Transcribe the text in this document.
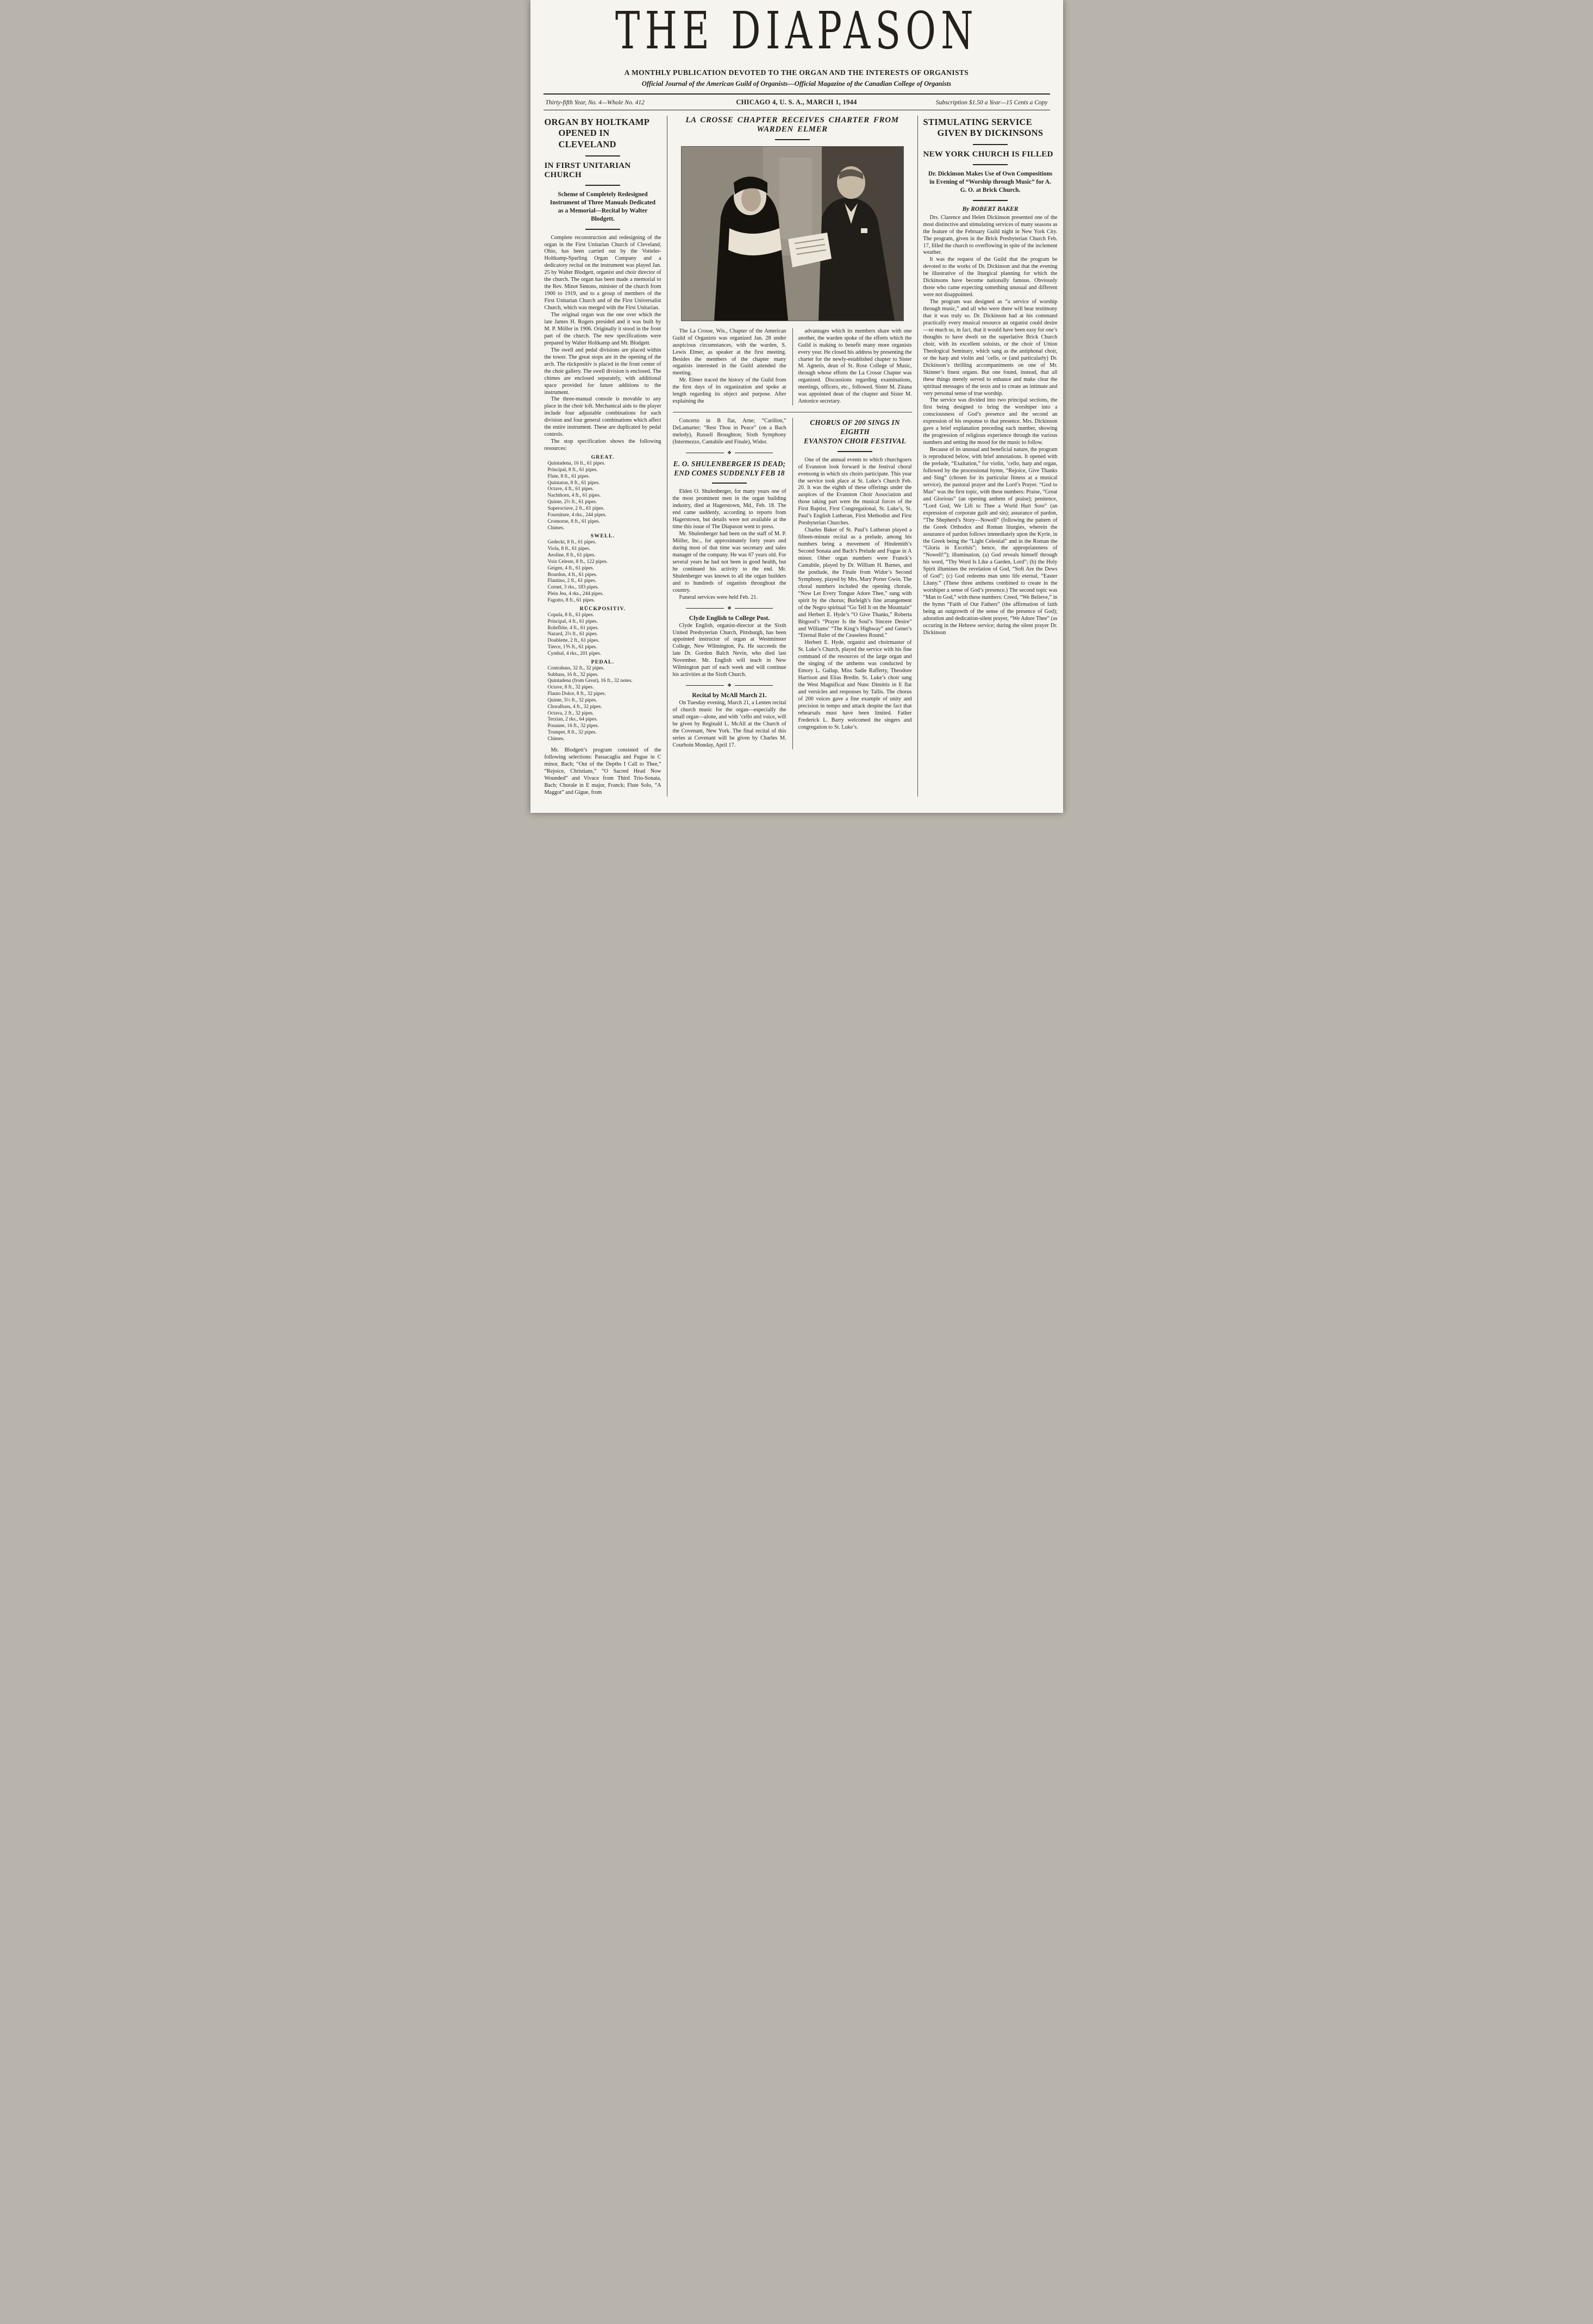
THE DIAPASON
A MONTHLY PUBLICATION DEVOTED TO THE ORGAN AND THE INTERESTS OF ORGANISTS
Official Journal of the American Guild of Organists—Official Magazine of the Canadian College of Organists
Thirty-fifth Year, No. 4—Whole No. 412	CHICAGO 4, U. S. A., MARCH 1, 1944	Subscription $1.50 a Year—15 Cents a Copy
ORGAN BY HOLTKAMP
OPENED IN CLEVELAND
IN FIRST UNITARIAN CHURCH
Scheme of Completely Redesigned Instrument of Three Manuals Dedicated as a Memorial—Recital by Walter Blodgett.

Complete reconstruction and redesigning of the organ in the First Unitarian Church of Cleveland, Ohio, has been carried out by the Votteler-Holtkamp-Sparling Organ Company and a dedicatory recital on the instrument was played Jan. 25 by Walter Blodgett, organist and choir director of the church. The organ has been made a memorial to the Rev. Minot Simons, minister of the church from 1900 to 1919, and to a group of members of the First Unitarian Church and of the First Universalist Church, which was merged with the First Unitarian.

The original organ was the one over which the late James H. Rogers presided and it was built by M. P. Möller in 1906. Originally it stood in the front part of the church. The new specifications were prepared by Walter Holtkamp and Mr. Blodgett.

The swell and pedal divisions are placed within the tower. The great stops are in the opening of the arch. The rückpositiv is placed in the front center of the choir gallery. The swell division is enclosed. The chimes are enclosed separately, with additional space provided for future additions to the instrument.

The three-manual console is movable to any place in the choir loft. Mechanical aids to the player include four adjustable combinations for each division and four general combinations which affect the entire instrument. These are duplicated by pedal controls.

The stop specification shows the following resources:

GREAT.
Quintadena, 16 ft., 61 pipes.
Principal, 8 ft., 61 pipes.
Flute, 8 ft., 61 pipes.
Quintaton, 8 ft., 61 pipes.
Octave, 4 ft., 61 pipes.
Nachthorn, 4 ft., 61 pipes.
Quinte, 2⅔ ft., 61 pipes.
Superoctave, 2 ft., 61 pipes.
Fourniture, 4 rks., 244 pipes.
Cromorne, 8 ft., 61 pipes.
Chimes.
SWELL.
Gedeckt, 8 ft., 61 pipes.
Viola, 8 ft., 61 pipes.
Aeoline, 8 ft., 61 pipes.
Voix Celeste, 8 ft., 122 pipes.
Geigen, 4 ft., 61 pipes.
Bourdon, 4 ft., 61 pipes.
Flautino, 2 ft., 61 pipes.
Cornet, 3 rks., 183 pipes.
Plein Jeu, 4 rks., 244 pipes.
Fagotto, 8 ft., 61 pipes.
RÜCKPOSITIV.
Copula, 8 ft., 61 pipes.
Principal, 4 ft., 61 pipes.
Rohrflöte, 4 ft., 61 pipes.
Nazard, 2⅔ ft., 61 pipes.
Doublette, 2 ft., 61 pipes.
Tierce, 1⅗ ft., 61 pipes.
Cymbal, 4 rks., 201 pipes.
PEDAL.
Contrabass, 32 ft., 32 pipes.
Subbass, 16 ft., 32 pipes.
Quintadena (from Great), 16 ft., 32 notes.
Octave, 8 ft., 32 pipes.
Flauto Dolce, 8 ft., 32 pipes.
Quinte, 5⅓ ft., 32 pipes.
Choralbass, 4 ft., 32 pipes.
Octava, 2 ft., 32 pipes.
Terzian, 2 rks., 64 pipes.
Posaune, 16 ft., 32 pipes.
Trumpet, 8 ft., 32 pipes.
Chimes.

Mr. Blodgett’s program consisted of the following selections: Passacaglia and Fugue in C minor, Bach; “Out of the Depths I Call to Thee,” “Rejoice, Christians,” “O Sacred Head Now Wounded” and Vivace from Third Trio-Sonata, Bach; Chorale in E major, Franck; Flute Solo, “A Maggot” and Gigue, from

LA CROSSE CHAPTER RECEIVES CHARTER FROM WARDEN ELMER

The La Crosse, Wis., Chapter of the American Guild of Organists was organized Jan. 28 under auspicious circumstances, with the warden, S. Lewis Elmer, as speaker at the first meeting. Besides the members of the chapter many organists interested in the Guild attended the meeting.

Mr. Elmer traced the history of the Guild from the first days of its organization and spoke at length regarding its object and purpose. After explaining the

advantages which its members share with one another, the warden spoke of the efforts which the Guild is making to benefit many more organists every year. He closed his address by presenting the charter for the newly-established chapter to Sister M. Agnetis, dean of St. Rose College of Music, through whose efforts the La Crosse Chapter was organized. Discussions regarding examinations, meetings, officers, etc., followed. Sister M. Zitana was appointed dean of the chapter and Sister M. Antonice secretary.

Concerto in B flat, Arne; “Carillon,” DeLamarter; “Rest Thou in Peace” (on a Bach melody), Russell Broughton; Sixth Symphony (Intermezzo, Cantabile and Finale), Widor.

❖
E. O. SHULENBERGER IS DEAD;
END COMES SUDDENLY FEB 18

Elden O. Shulenberger, for many years one of the most prominent men in the organ building industry, died at Hagerstown, Md., Feb. 18. The end came suddenly, according to reports from Hagerstown, but details were not available at the time this issue of The Diapason went to press.

Mr. Shulenberger had been on the staff of M. P. Möller, Inc., for approximately forty years and during most of that time was secretary and sales manager of the company. He was 67 years old. For several years he had not been in good health, but he continued his activity to the end. Mr. Shulenberger was known to all the organ builders and to hundreds of organists throughout the country.

Funeral services were held Feb. 21.

❖
Clyde English to College Post.

Clyde English, organist-director at the Sixth United Presbyterian Church, Pittsburgh, has been appointed instructor of organ at Westminster College, New Wilmington, Pa. He succeeds the late Dr. Gordon Balch Nevin, who died last November. Mr. English will teach in New Wilmington part of each week and will continue his activities at the Sixth Church.

❖
Recital by McAll March 21.

On Tuesday evening, March 21, a Lenten recital of church music for the organ—especially the small organ—alone, and with ’cello and voice, will be given by Reginald L. McAll at the Church of the Covenant, New York. The final recital of this series at Covenant will be given by Charles M. Courboin Monday, April 17.

CHORUS OF 200 SINGS IN EIGHTH
EVANSTON CHOIR FESTIVAL

One of the annual events to which churchgoers of Evanston look forward is the festival choral evensong in which six choirs participate. This year the service took place at St. Luke’s Church Feb. 20. It was the eighth of these offerings under the auspices of the Evanston Choir Association and those taking part were the musical forces of the First Baptist, First Congregational, St. Luke’s, St. Paul’s English Lutheran, First Methodist and First Presbyterian Churches.

Charles Baker of St. Paul’s Lutheran played a fifteen-minute recital as a prelude, among his numbers being a movement of Hindemith’s Second Sonata and Bach’s Prelude and Fugue in A minor. Other organ numbers were Franck’s Cantabile, played by Dr. William H. Barnes, and the postlude, the Finale from Widor’s Second Symphony, played by Mrs. Mary Porter Gwin. The choral numbers included the opening chorale, “Now Let Every Tongue Adore Thee,” sung with spirit by the chorus; Burleigh’s fine arrangement of the Negro spiritual “Go Tell It on the Mountain” and Herbert E. Hyde’s “O Give Thanks,” Roberta Bitgood’s “Prayer Is the Soul’s Sincere Desire” and Williams’ “The King’s Highway” and Genet’s “Eternal Ruler of the Ceaseless Round.”

Herbert E. Hyde, organist and choirmaster of St. Luke’s Church, played the service with his fine command of the resources of the large organ and the singing of the anthems was conducted by Emory L. Gallup, Miss Sadie Rafferty, Theodore Harrison and Elias Bredin. St. Luke’s choir sang the West Magnificat and Nunc Dimittis in E flat and versicles and responses by Tallis. The chorus of 200 voices gave a fine example of unity and precision in tempo and attack despite the fact that rehearsals must have been limited. Father Frederick L. Barry welcomed the singers and congregation to St. Luke’s.

STIMULATING SERVICE
GIVEN BY DICKINSONS
NEW YORK CHURCH IS FILLED
Dr. Dickinson Makes Use of Own Compositions in Evening of “Worship through Music” for A. G. O. at Brick Church.
By ROBERT BAKER

Drs. Clarence and Helen Dickinson presented one of the most distinctive and stimulating services of many seasons as the feature of the February Guild night in New York City. The program, given in the Brick Presbyterian Church Feb. 17, filled the church to overflowing in spite of the inclement weather.

It was the request of the Guild that the program be devoted to the works of Dr. Dickinson and that the evening be illustrative of the liturgical planning for which the Dickinsons have become nationally famous. Obviously those who came expecting something unusual and different were not disappointed.

The program was designed as “a service of worship through music,” and all who were there will bear testimony that it was truly so. Dr. Dickinson had at his command practically every musical resource an organist could desire—so much so, in fact, that it would have been easy for one’s thoughts to have dwelt on the superlative Brick Church choir, with its excellent soloists, or the choir of Union Theological Seminary, which sang as the antiphonal choir, or the harp and violin and ’cello, or (and particularly) Dr. Dickinson’s thrilling accompaniments on one of Mr. Skinner’s finest organs. But one found, instead, that all these things merely served to enhance and make clear the spiritual messages of the texts and to create an intimate and very personal sense of true worship.

The service was divided into two principal sections, the first being designed to bring the worshiper into a consciousness of God’s presence and the second an expression of his response to that presence. Mrs. Dickinson gave a brief explanation preceding each number, showing the progression of religious experience through the various numbers and setting the mood for the music to follow.

Because of its unusual and beneficial nature, the program is reproduced below, with brief annotations. It opened with the prelude, “Exaltation,” for violin, ’cello, harp and organ, followed by the processional hymn, “Rejoice, Give Thanks and Sing” (chosen for its particular fitness at a musical service), the pastoral prayer and the Lord’s Prayer. “God to Man” was the first topic, with these numbers: Praise, “Great and Glorious” (an opening anthem of praise); penitence, “Lord God, We Lift to Thee a World Hurt Sore” (an expression of corporate guilt and sin); assurance of pardon, “The Shepherd’s Story—Nowell” (following the pattern of the Greek Orthodox and Roman liturgies, wherein the assurance of pardon follows immediately upon the Kyrie, in the Greek being the “Light Celestial” and in the Roman the “Gloria in Excelsis”; hence, the appropriateness of “Nowell!”); illumination, (a) God reveals himself through his word, “Thy Word Is Like a Garden, Lord”; (b) the Holy Spirit illumines the revelation of God, “Soft Are the Dews of God”; (c) God redeems man unto life eternal, “Easter Litany.” (These three anthems combined to create in the worshiper a sense of God’s presence.) The second topic was “Man to God,” with these numbers: Creed, “We Believe,” in the hymn “Faith of Our Fathers” (the affirmation of faith being an outgrowth of the sense of the presence of God); adoration and dedication-silent prayer, “We Adore Thee” (as occuring in the Hebrew service; during the silent prayer Dr. Dickinson
